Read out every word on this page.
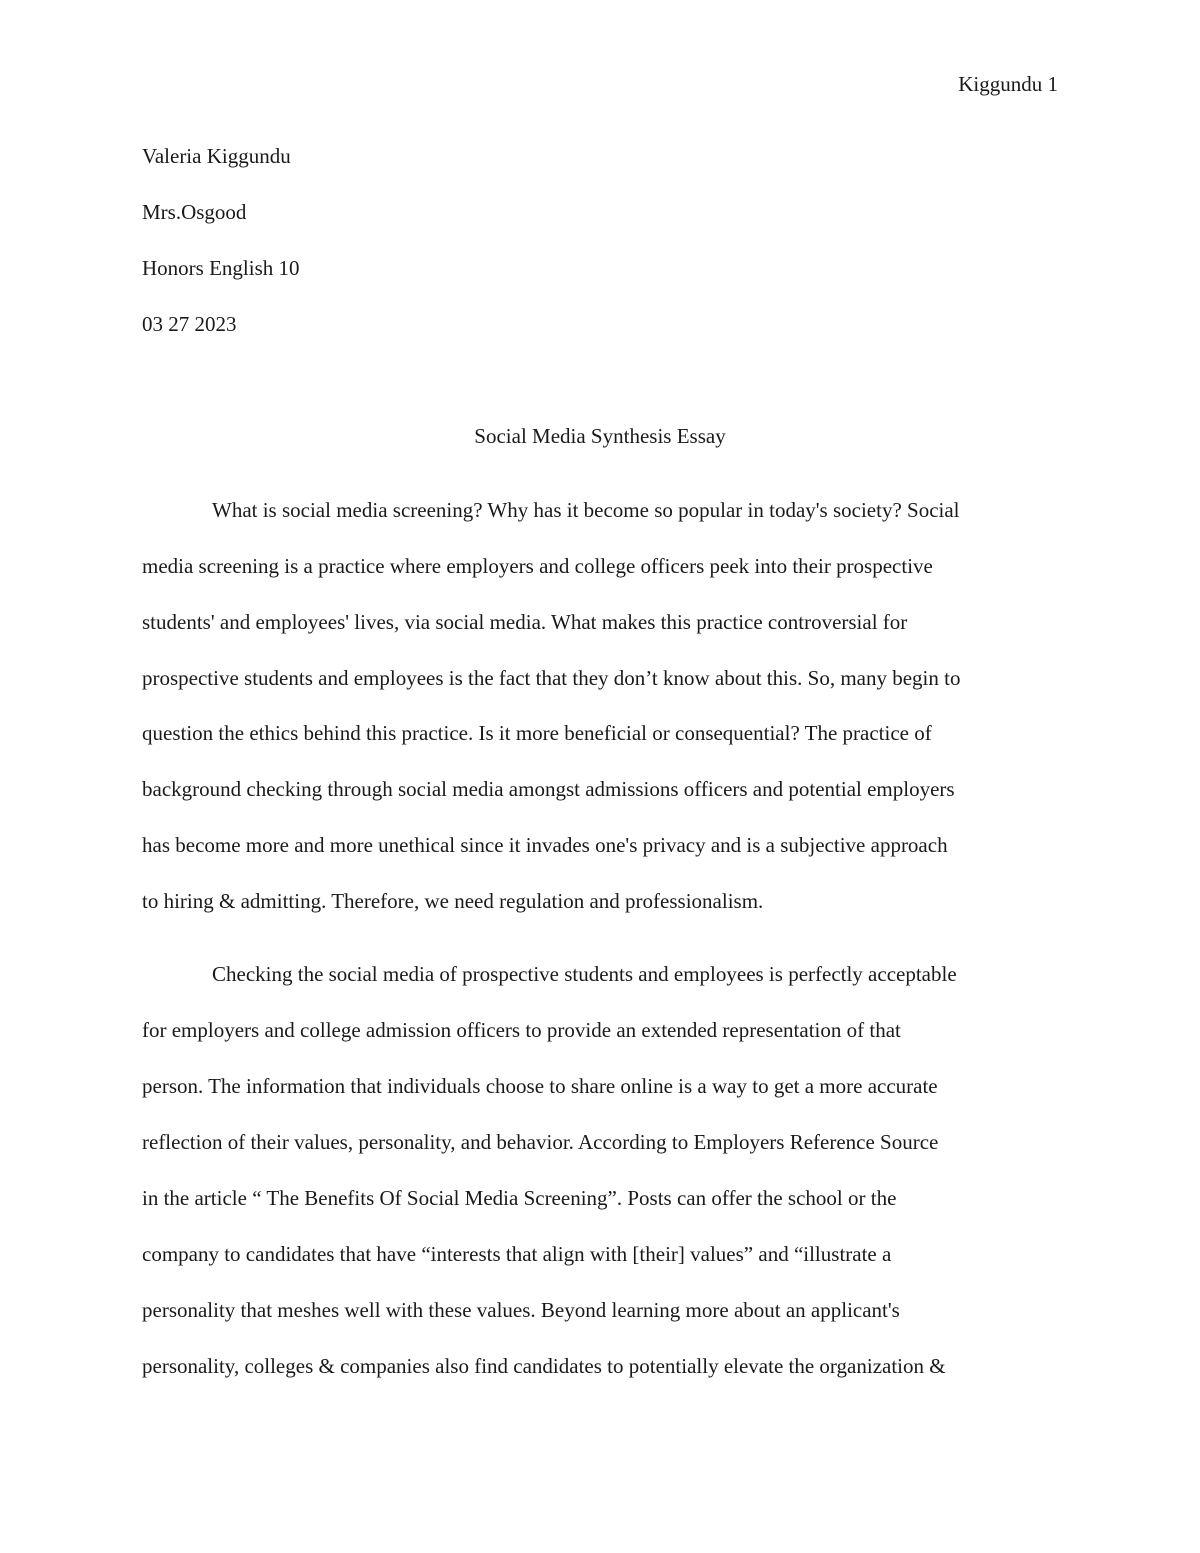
Kiggundu 1
Valeria Kiggundu
Mrs.Osgood
Honors English 10
03 27 2023
Social Media Synthesis Essay
What is social media screening? Why has it become so popular in today's society? Social
media screening is a practice where employers and college officers peek into their prospective
students' and employees' lives, via social media. What makes this practice controversial for
prospective students and employees is the fact that they don’t know about this. So, many begin to
question the ethics behind this practice. Is it more beneficial or consequential? The practice of
background checking through social media amongst admissions officers and potential employers
has become more and more unethical since it invades one's privacy and is a subjective approach
to hiring & admitting. Therefore, we need regulation and professionalism.
Checking the social media of prospective students and employees is perfectly acceptable
for employers and college admission officers to provide an extended representation of that
person. The information that individuals choose to share online is a way to get a more accurate
reflection of their values, personality, and behavior. According to Employers Reference Source
in the article “ The Benefits Of Social Media Screening”. Posts can offer the school or the
company to candidates that have “interests that align with [their] values” and “illustrate a
personality that meshes well with these values. Beyond learning more about an applicant's
personality, colleges & companies also find candidates to potentially elevate the organization &
